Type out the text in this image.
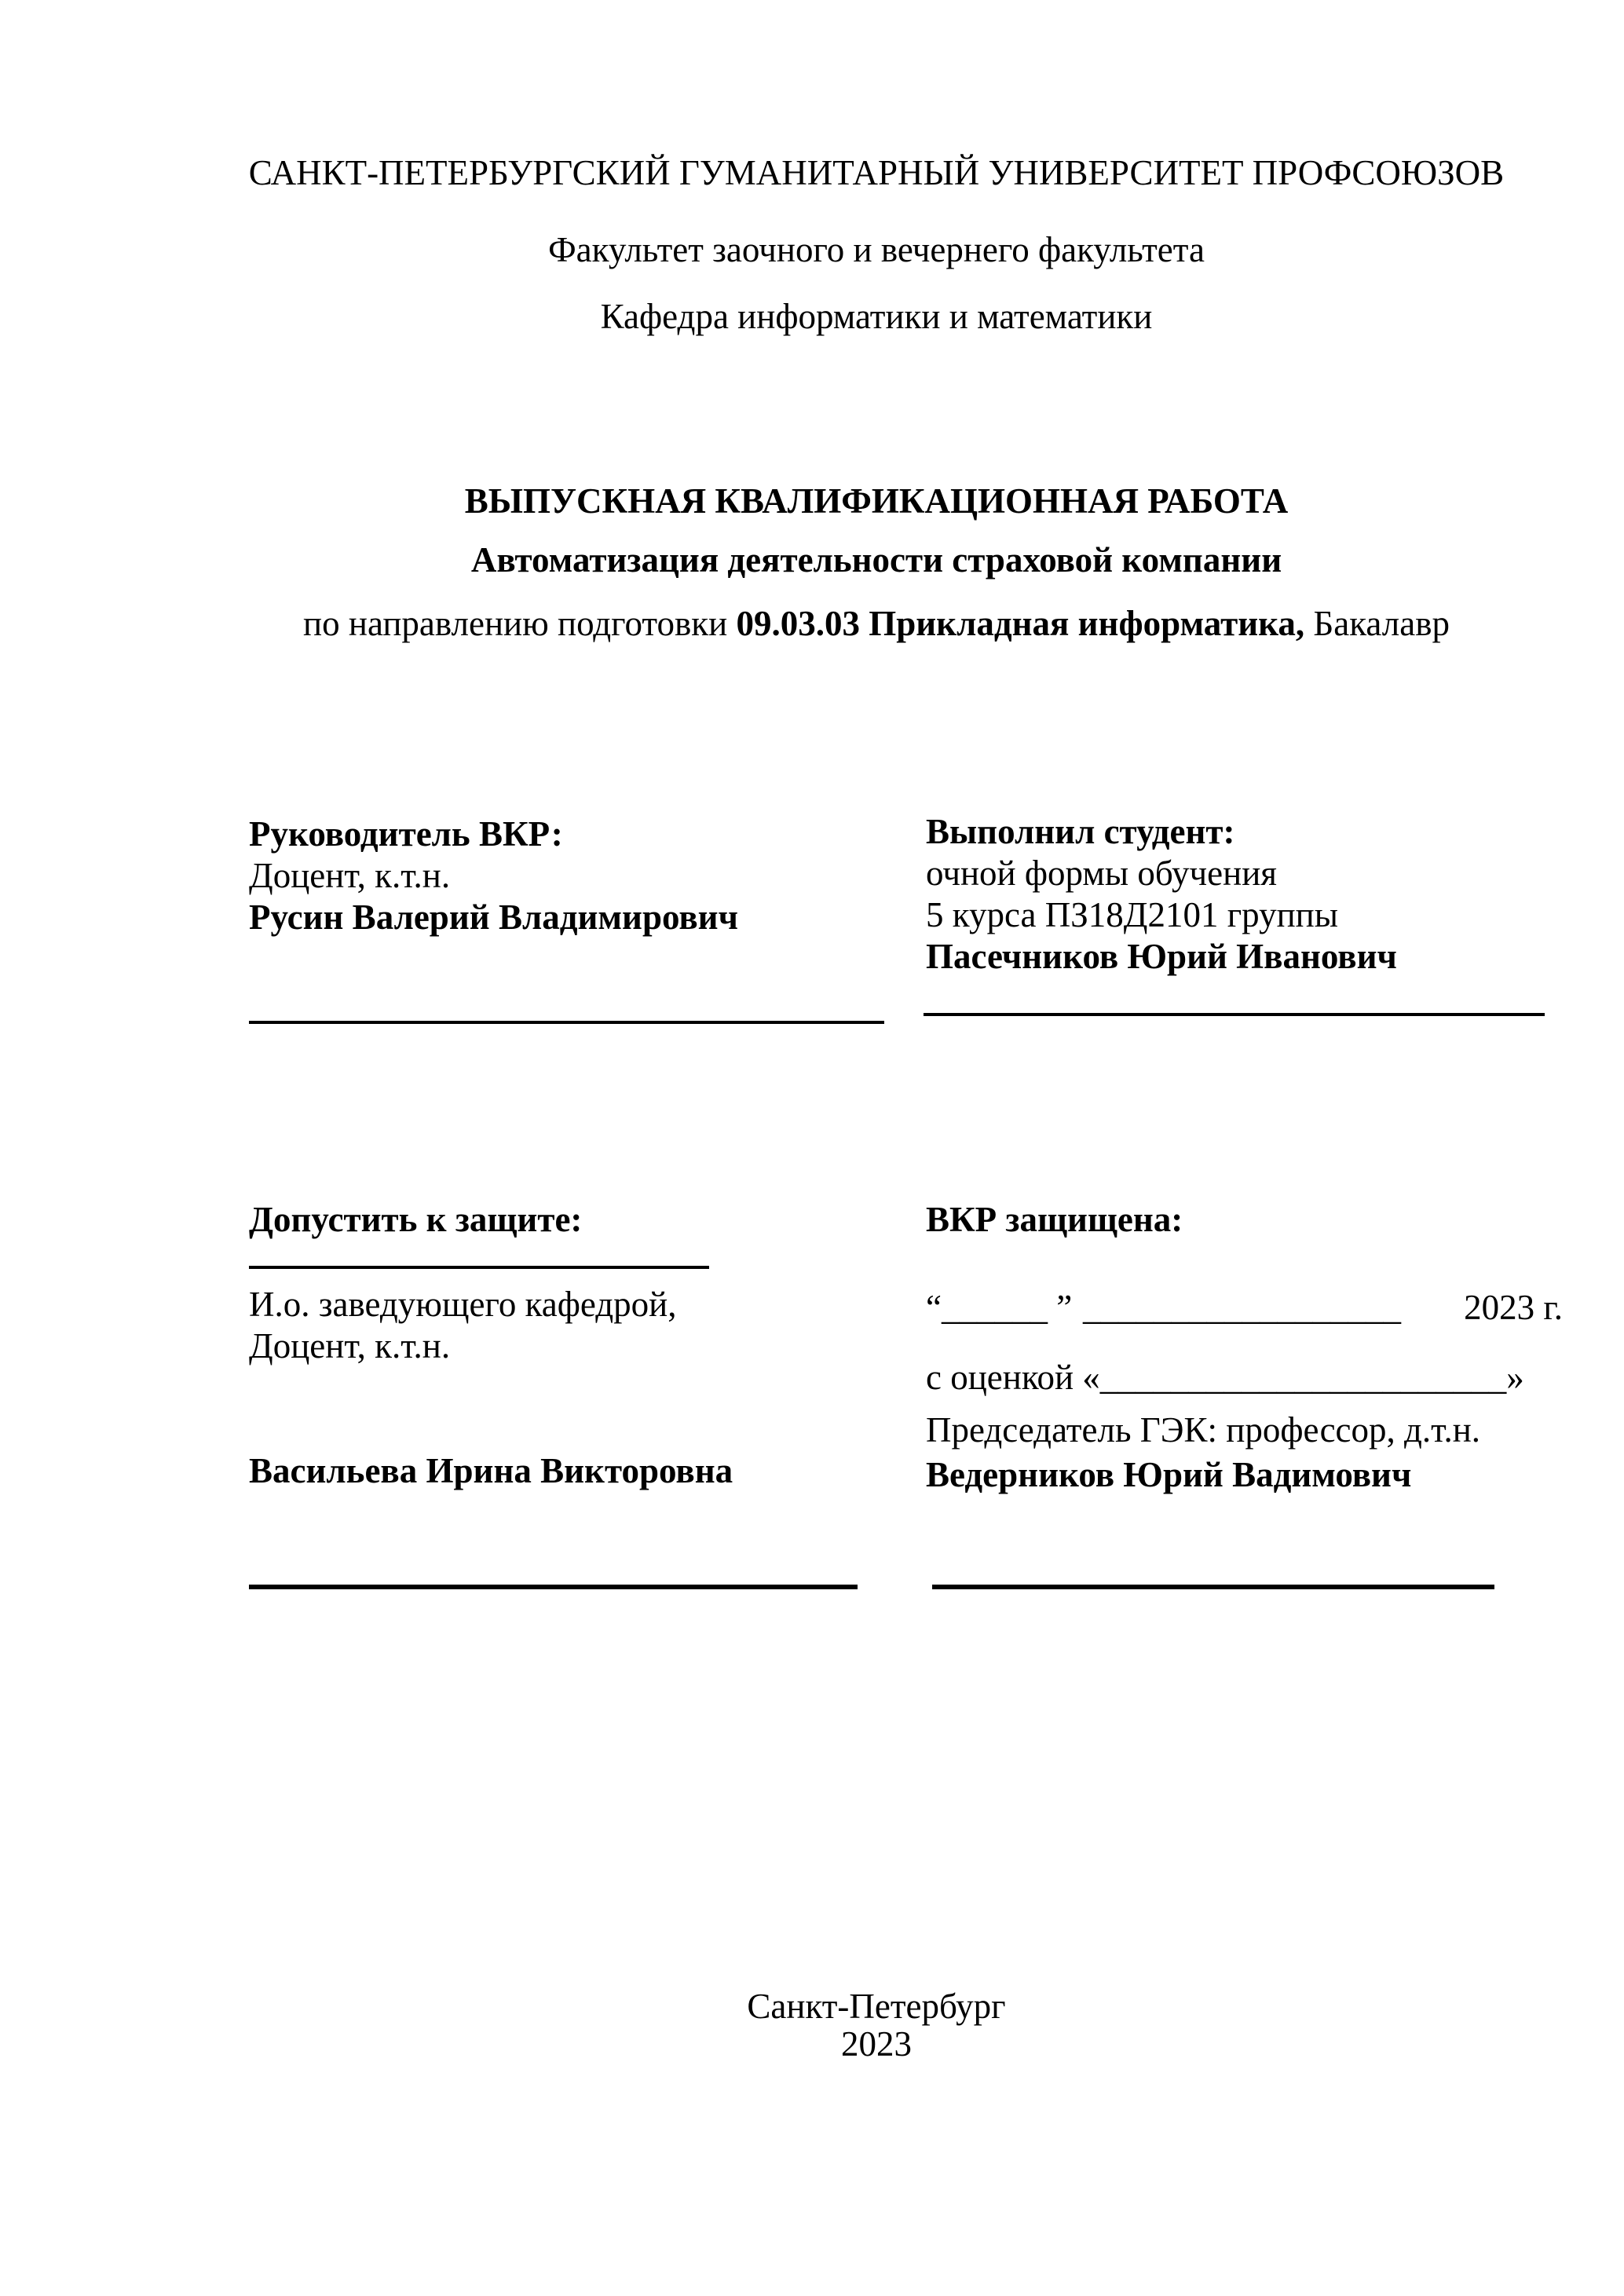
САНКТ-ПЕТЕРБУРГСКИЙ ГУМАНИТАРНЫЙ УНИВЕРСИТЕТ ПРОФСОЮЗОВ
Факультет заочного и вечернего факультета
Кафедра информатики и математики
ВЫПУСКНАЯ КВАЛИФИКАЦИОННАЯ РАБОТА
Автоматизация деятельности страховой компании
по направлению подготовки 09.03.03 Прикладная информатика, Бакалавр
Руководитель ВКР:
Доцент, к.т.н.
Русин Валерий Владимирович
Выполнил студент:
очной формы обучения
5 курса ПЗ18Д2101 группы
Пасечников Юрий Иванович
Допустить к защите:
И.о. заведующего кафедрой,
Доцент, к.т.н.
Васильева Ирина Викторовна
ВКР защищена:
“______ ” __________________ 2023 г.
с оценкой «_______________________»
Председатель ГЭК: профессор, д.т.н.
Ведерников Юрий Вадимович
Санкт-Петербург
2023
